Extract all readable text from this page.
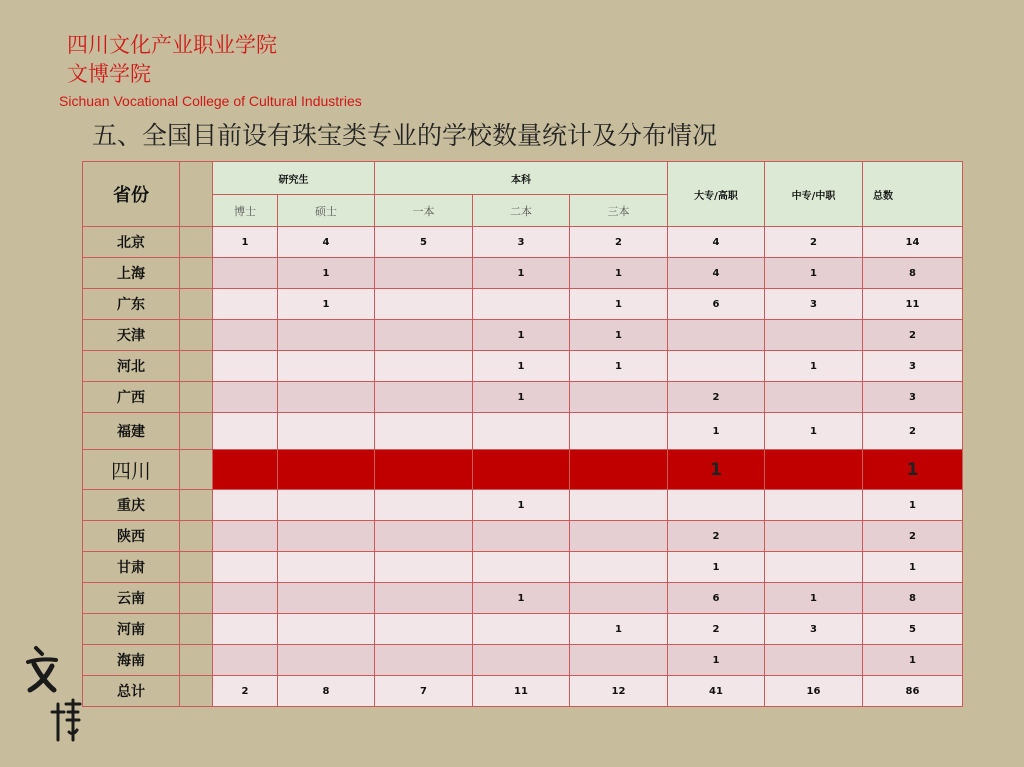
四川文化产业职业学院
文博学院
Sichuan Vocational College of Cultural Industries
五、全国目前设有珠宝类专业的学校数量统计及分布情况
省份		研究生		本科			大专/高职	中专/中职	总数
		博士	硕士	一本	二本	三本			
北京		1	4	5	3	2	4	2	14
上海			1		1	1	4	1	8
广东			1			1	6	3	11
天津					1	1			2
河北					1	1		1	3
广西					1		2		3
福建							1	1	2
四川							1		1
重庆					1				1
陕西							2		2
甘肃							1		1
云南					1		6	1	8
河南						1	2	3	5
海南							1		1
总计		2	8	7	11	12	41	16	86
